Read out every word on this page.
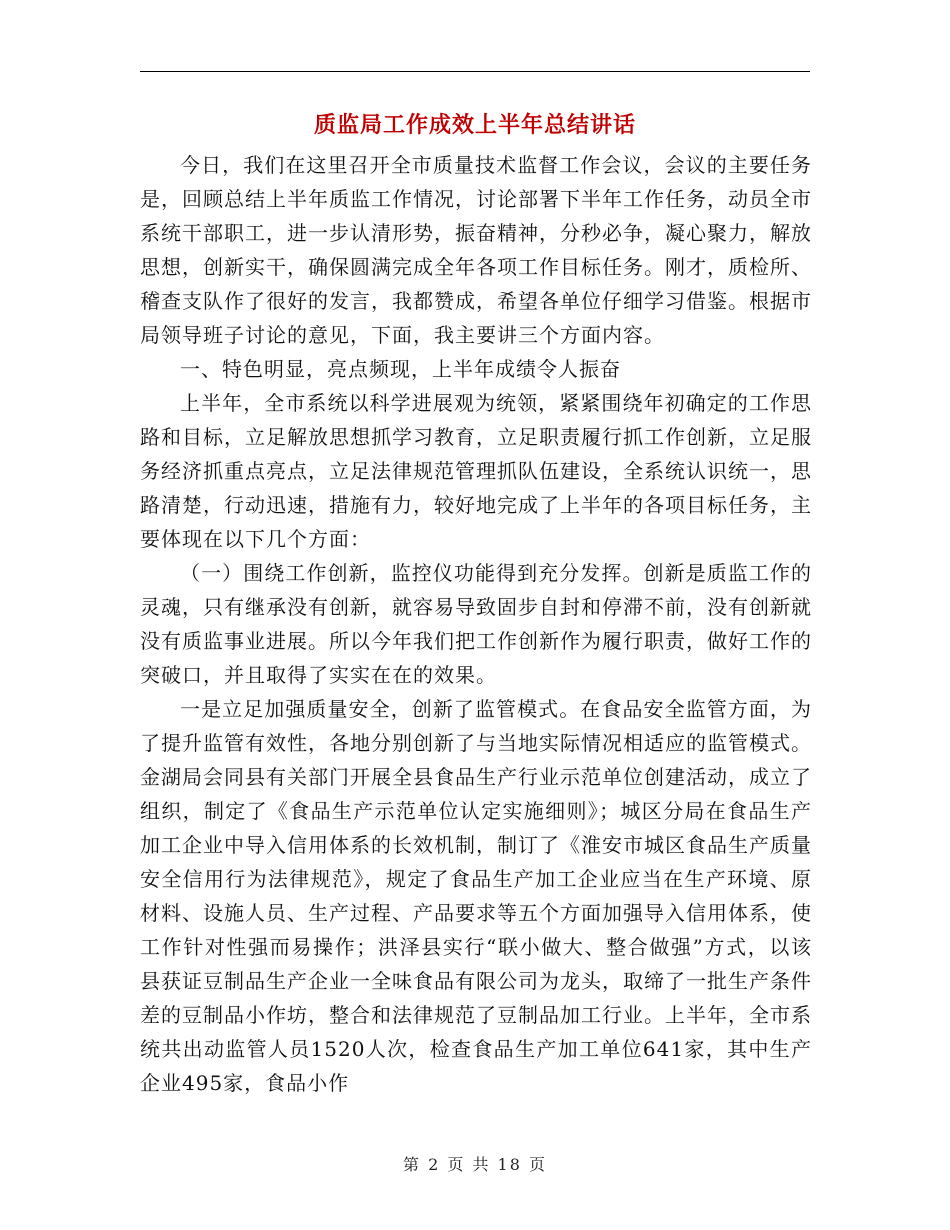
质监局工作成效上半年总结讲话

今日，我们在这里召开全市质量技术监督工作会议，会议的主要任务是，回顾总结上半年质监工作情况，讨论部署下半年工作任务，动员全市系统干部职工，进一步认清形势，振奋精神，分秒必争，凝心聚力，解放思想，创新实干，确保圆满完成全年各项工作目标任务。刚才，质检所、稽查支队作了很好的发言，我都赞成，希望各单位仔细学习借鉴。根据市局领导班子讨论的意见，下面，我主要讲三个方面内容。

一、特色明显，亮点频现，上半年成绩令人振奋

上半年，全市系统以科学进展观为统领，紧紧围绕年初确定的工作思路和目标，立足解放思想抓学习教育，立足职责履行抓工作创新，立足服务经济抓重点亮点，立足法律规范管理抓队伍建设，全系统认识统一，思路清楚，行动迅速，措施有力，较好地完成了上半年的各项目标任务，主要体现在以下几个方面：

（一）围绕工作创新，监控仪功能得到充分发挥。创新是质监工作的灵魂，只有继承没有创新，就容易导致固步自封和停滞不前，没有创新就没有质监事业进展。所以今年我们把工作创新作为履行职责，做好工作的突破口，并且取得了实实在在的效果。

一是立足加强质量安全，创新了监管模式。在食品安全监管方面，为了提升监管有效性，各地分别创新了与当地实际情况相适应的监管模式。金湖局会同县有关部门开展全县食品生产行业示范单位创建活动，成立了组织，制定了《食品生产示范单位认定实施细则》；城区分局在食品生产加工企业中导入信用体系的长效机制，制订了《淮安市城区食品生产质量安全信用行为法律规范》，规定了食品生产加工企业应当在生产环境、原材料、设施人员、生产过程、产品要求等五个方面加强导入信用体系，使工作针对性强而易操作；洪泽县实行“联小做大、整合做强”方式，以该县获证豆制品生产企业一全味食品有限公司为龙头，取缔了一批生产条件差的豆制品小作坊，整合和法律规范了豆制品加工行业。上半年，全市系统共出动监管人员1520人次，检查食品生产加工单位641家，其中生产企业495家，食品小作

第 2 页 共 18 页
